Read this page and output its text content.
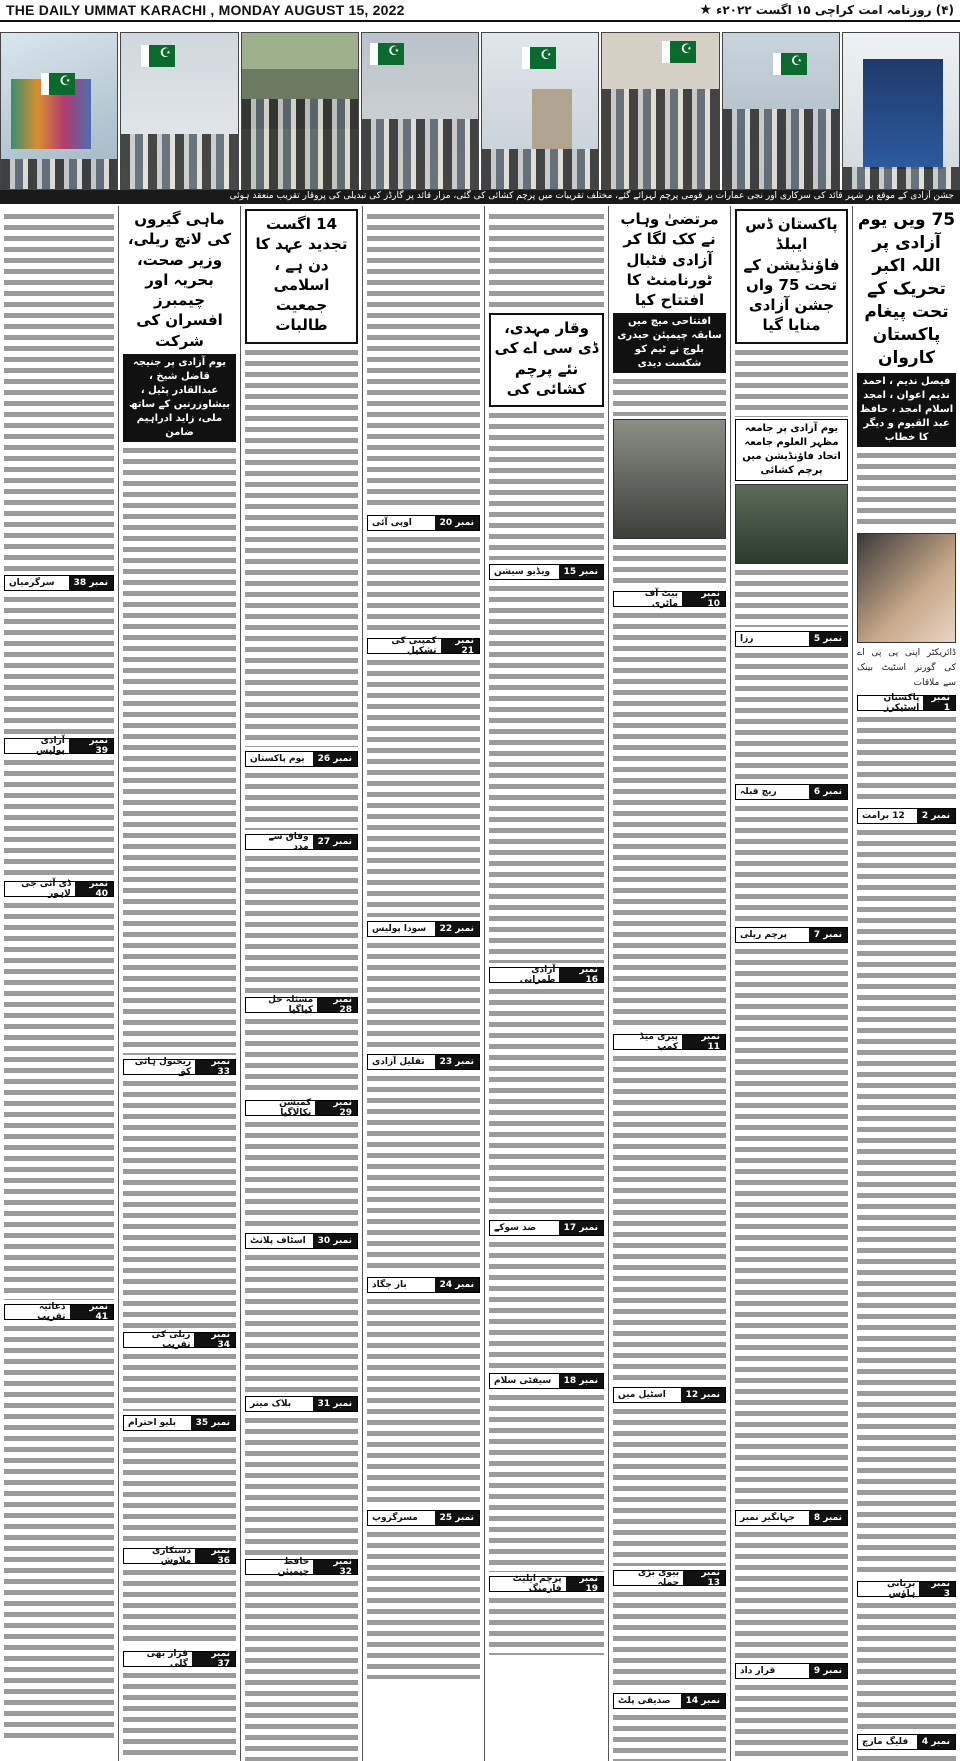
THE DAILY UMMAT KARACHI , MONDAY AUGUST 15, 2022	(۴) روزنامہ امت کراچی ۱۵ اگست ۲۰۲۲ء ★
☪
☪
☪
☪
☪
☪
جشن آزادی کے موقع پر شہر قائد کی سرکاری اور نجی عمارات پر قومی پرچم لہرائے گئے، مختلف تقریبات میں پرچم کشائی کی گئی، مزار قائد پر گارڈز کی تبدیلی کی پروقار تقریب منعقد ہوئی
75 ویں یوم آزادی پر اللہ اکبر تحریک کے تحت پیغام پاکستان کاروان
فیصل ندیم ، احمد ندیم اعوان ، امجد اسلام امجد ، حافظ عبد القیوم و دیگر کا خطاب
ڈائریکٹر اپنی پی پی اے کی گورنر اسٹیٹ بینک سے ملاقات
نمبر 1
پاکستان اسٹیکرز
نمبر 2
12 برامت
نمبر 3
بریانی ہاؤس
نمبر 4
فلیگ مارچ
پاکستان ڈس ایبلڈ فاؤنڈیشن کے تحت 75 واں جشن آزادی منایا گیا
یوم آزادی پر جامعہ مظہر العلوم جامعہ اتحاد فاؤنڈیشن میں پرچم کشائی
نمبر 5
رزا
نمبر 6
ریچ قبلہ
نمبر 7
پرچم ریلی
نمبر 8
جہانگیر نمبر
نمبر 9
قرار داد
مرتضیٰ وہاب نے کک لگا کر آزادی فٹبال ٹورنامنٹ کا افتتاح کیا
افتتاحی میچ میں سابقہ چیمپئن حیدری بلوچ نے ٹیم کو شکست دیدی
نمبر 10
بیٹ آف ماٹری
نمبر 11
پیری میڈ کمپ
نمبر 12
اسٹیل میں
نمبر 13
بیوی بڑی حملہ
نمبر 14
صدیقی پلٹ
وقار مہدی، ڈی سی اے کی نئے پرچم کشائی کی
نمبر 15
ویڈیو سیشن
نمبر 16
آزادی طمرانی
نمبر 17
ضد سوکے
نمبر 18
سیفٹی سلام
نمبر 19
پرچم ایلیٹ فارمنگ
نمبر 20
اوپی آئی
نمبر 21
کمپنی کی تشکیل
نمبر 22
سودا پولیس
نمبر 23
تقلیل آزادی
نمبر 24
باز جگاد
نمبر 25
مسرگروپ
14 اگست تجدید عہد کا دن ہے ، اسلامی جمعیت طالبات
نمبر 26
یوم پاکستان
نمبر 27
وفاق سے مدد
نمبر 28
مسئلہ حل کیاگیا
نمبر 29
کمیشن نکالاگیا
نمبر 30
اسٹاف پلانٹ
نمبر 31
بلاک میتر
نمبر 32
حافظ چیمپئن
ماہی گیروں کی لانچ ریلی، وزیر صحت، بحریہ اور چیمبرز افسران کی شرکت
یوم آزادی پر جنیجہ قاضل شیخ ، عبدالقادر پٹیل ، بیشاوزرنیں کے ساتھ ملی، زاید ادراہیم ضامن
نمبر 33
ریجنول ہائی کق
نمبر 34
ریلی کی تقریب
نمبر 35
بلیو احترام
نمبر 36
دستکاری ملاوش
نمبر 37
قرار بھی گلی
نمبر 38
سرگرمیاں
نمبر 39
آزادی پولیس
نمبر 40
ڈی آئی جی لاہور
نمبر 41
دعائیہ تقریب
